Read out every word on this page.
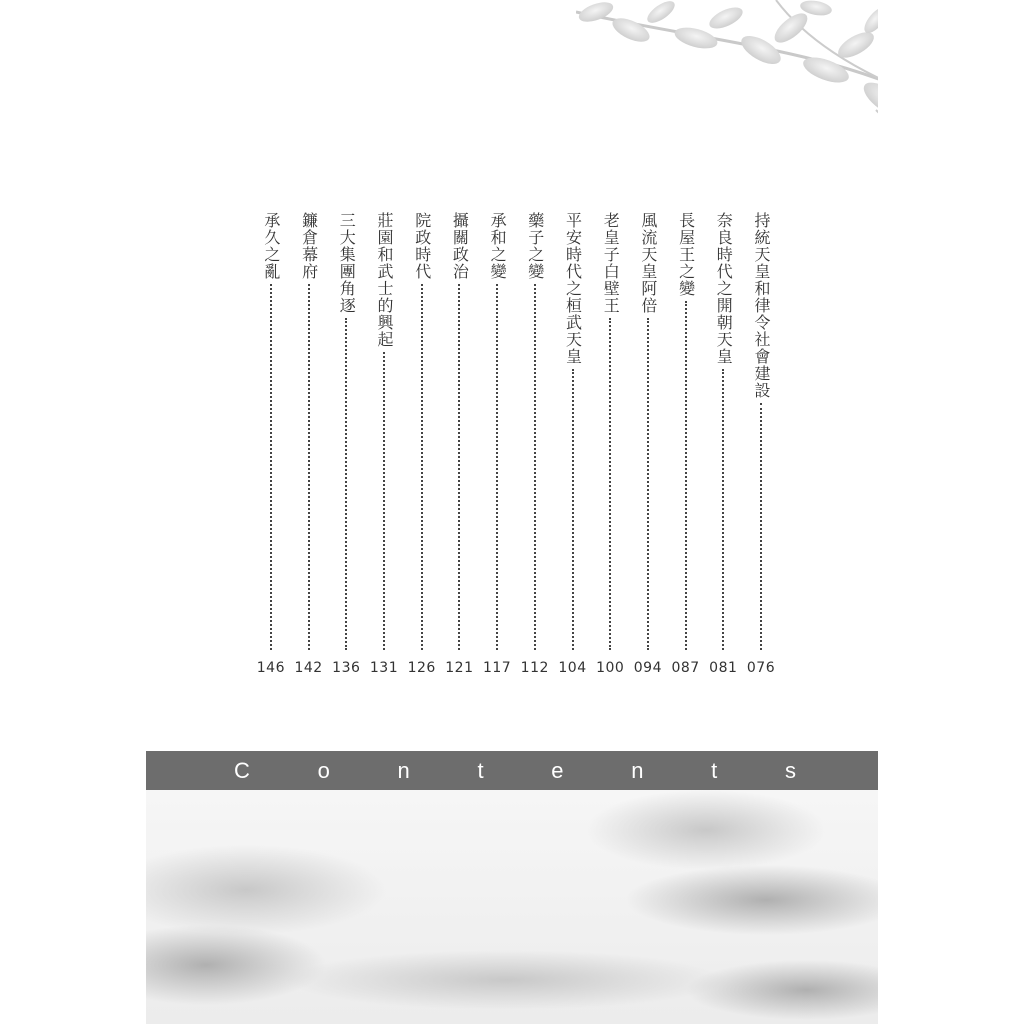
持統天皇和律令社會建設
076
奈良時代之開朝天皇
081
長屋王之變
087
風流天皇阿倍
094
老皇子白壁王
100
平安時代之桓武天皇
104
藥子之變
112
承和之變
117
攝關政治
121
院政時代
126
莊園和武士的興起
131
三大集團角逐
136
鐮倉幕府
142
承久之亂
146
C	o	n	t	e	n	t	s
